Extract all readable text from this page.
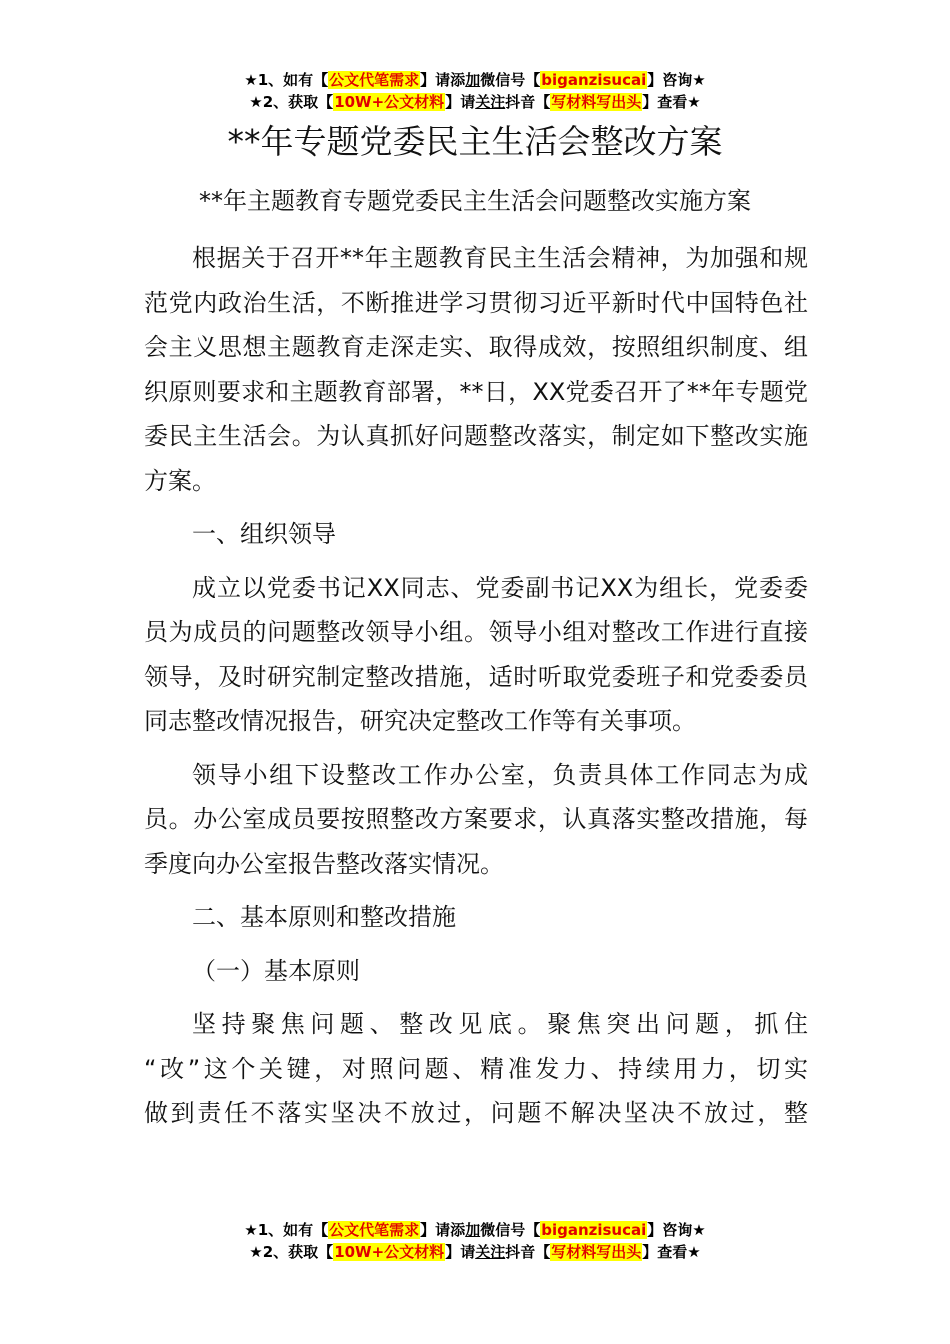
★1、如有【公文代笔需求】请添加微信号【biganzisucai】咨询★
★2、获取【10W+公文材料】请关注抖音【写材料写出头】查看★
**年专题党委民主生活会整改方案
**年主题教育专题党委民主生活会问题整改实施方案

根据关于召开**年主题教育民主生活会精神，为加强和规范党内政治生活，不断推进学习贯彻习近平新时代中国特色社会主义思想主题教育走深走实、取得成效，按照组织制度、组织原则要求和主题教育部署，**日，XX党委召开了**年专题党委民主生活会。为认真抓好问题整改落实，制定如下整改实施方案。

一、组织领导

成立以党委书记XX同志、党委副书记XX为组长，党委委员为成员的问题整改领导小组。领导小组对整改工作进行直接领导，及时研究制定整改措施，适时听取党委班子和党委委员同志整改情况报告，研究决定整改工作等有关事项。

领导小组下设整改工作办公室，负责具体工作同志为成员。办公室成员要按照整改方案要求，认真落实整改措施，每季度向办公室报告整改落实情况。

二、基本原则和整改措施

（一）基本原则

坚持聚焦问题、整改见底。聚焦突出问题，抓住
“改”这个关键，对照问题、精准发力、持续用力，切实
做到责任不落实坚决不放过，问题不解决坚决不放过，整
★1、如有【公文代笔需求】请添加微信号【biganzisucai】咨询★
★2、获取【10W+公文材料】请关注抖音【写材料写出头】查看★
